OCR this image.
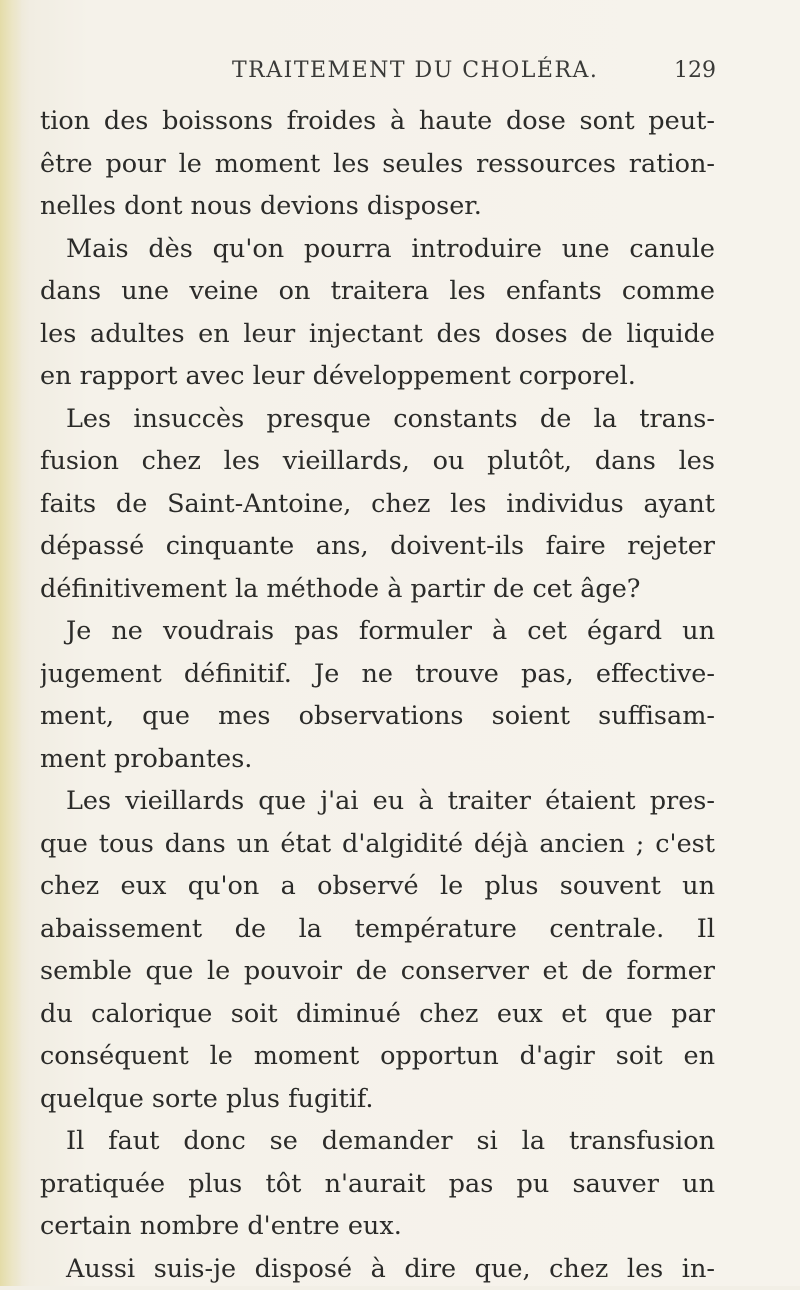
TRAITEMENT DU CHOLÉRA.	129
tion des boissons froides à haute dose sont peut-
être pour le moment les seules ressources ration-
nelles dont nous devions disposer.
Mais dès qu'on pourra introduire une canule
dans une veine on traitera les enfants comme
les adultes en leur injectant des doses de liquide
en rapport avec leur développement corporel.
Les insuccès presque constants de la trans-
fusion chez les vieillards, ou plutôt, dans les
faits de Saint-Antoine, chez les individus ayant
dépassé cinquante ans, doivent-ils faire rejeter
définitivement la méthode à partir de cet âge?
Je ne voudrais pas formuler à cet égard un
jugement définitif. Je ne trouve pas, effective-
ment, que mes observations soient suffisam-
ment probantes.
Les vieillards que j'ai eu à traiter étaient pres-
que tous dans un état d'algidité déjà ancien ; c'est
chez eux qu'on a observé le plus souvent un
abaissement de la température centrale. Il
semble que le pouvoir de conserver et de former
du calorique soit diminué chez eux et que par
conséquent le moment opportun d'agir soit en
quelque sorte plus fugitif.
Il faut donc se demander si la transfusion
pratiquée plus tôt n'aurait pas pu sauver un
certain nombre d'entre eux.
Aussi suis-je disposé à dire que, chez les in-
